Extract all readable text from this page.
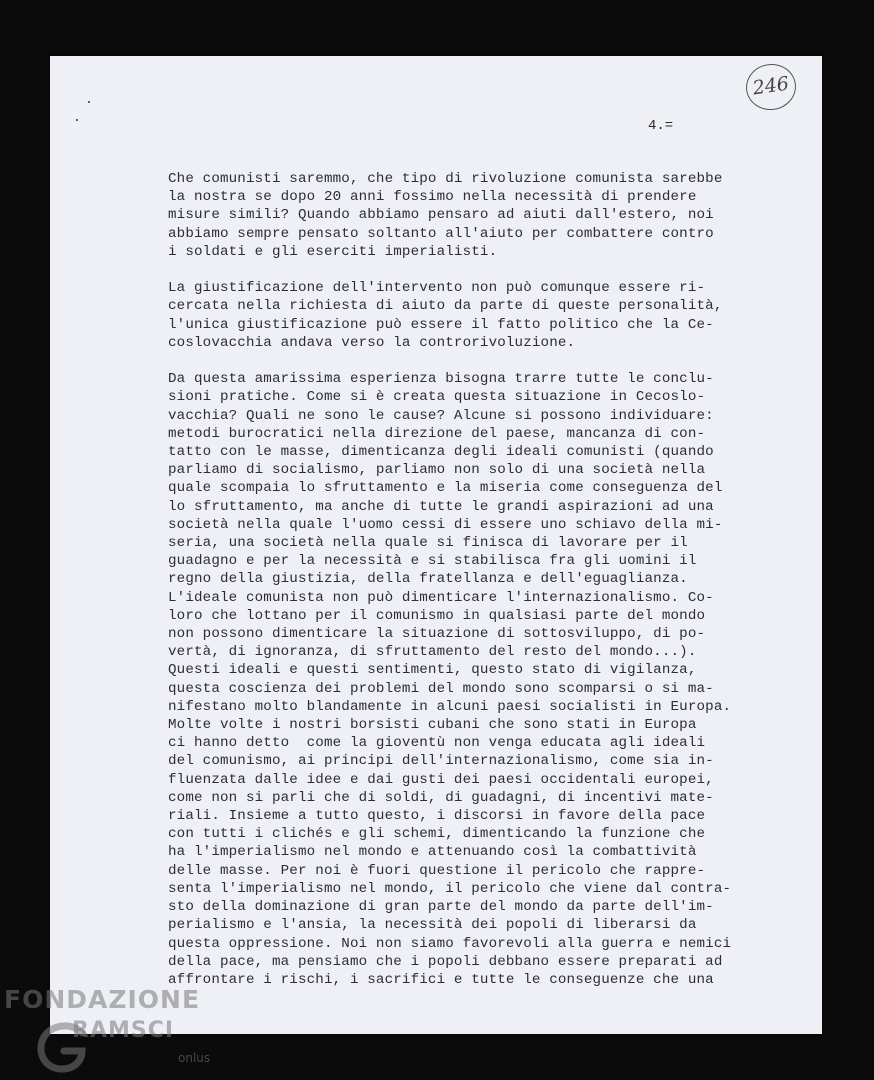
246
4.=
Che comunisti saremmo, che tipo di rivoluzione comunista sarebbe
la nostra se dopo 20 anni fossimo nella necessità di prendere
misure simili? Quando abbiamo pensaro ad aiuti dall'estero, noi
abbiamo sempre pensato soltanto all'aiuto per combattere contro
i soldati e gli eserciti imperialisti.
La giustificazione dell'intervento non può comunque essere ri-
cercata nella richiesta di aiuto da parte di queste personalità,
l'unica giustificazione può essere il fatto politico che la Ce-
coslovacchia andava verso la controrivoluzione.
Da questa amarissima esperienza bisogna trarre tutte le conclu-
sioni pratiche. Come si è creata questa situazione in Cecoslo-
vacchia? Quali ne sono le cause? Alcune si possono individuare:
metodi burocratici nella direzione del paese, mancanza di con-
tatto con le masse, dimenticanza degli ideali comunisti (quando
parliamo di socialismo, parliamo non solo di una società nella
quale scompaia lo sfruttamento e la miseria come conseguenza del
lo sfruttamento, ma anche di tutte le grandi aspirazioni ad una
società nella quale l'uomo cessi di essere uno schiavo della mi-
seria, una società nella quale si finisca di lavorare per il
guadagno e per la necessità e si stabilisca fra gli uomini il
regno della giustizia, della fratellanza e dell'eguaglianza.
L'ideale comunista non può dimenticare l'internazionalismo. Co-
loro che lottano per il comunismo in qualsiasi parte del mondo
non possono dimenticare la situazione di sottosviluppo, di po-
vertà, di ignoranza, di sfruttamento del resto del mondo...).
Questi ideali e questi sentimenti, questo stato di vigilanza,
questa coscienza dei problemi del mondo sono scomparsi o si ma-
nifestano molto blandamente in alcuni paesi socialisti in Europa.
Molte volte i nostri borsisti cubani che sono stati in Europa
ci hanno detto  come la gioventù non venga educata agli ideali
del comunismo, ai principi dell'internazionalismo, come sia in-
fluenzata dalle idee e dai gusti dei paesi occidentali europei,
come non si parli che di soldi, di guadagni, di incentivi mate-
riali. Insieme a tutto questo, i discorsi in favore della pace
con tutti i clichés e gli schemi, dimenticando la funzione che
ha l'imperialismo nel mondo e attenuando così la combattività
delle masse. Per noi è fuori questione il pericolo che rappre-
senta l'imperialismo nel mondo, il pericolo che viene dal contra-
sto della dominazione di gran parte del mondo da parte dell'im-
perialismo e l'ansia, la necessità dei popoli di liberarsi da
questa oppressione. Noi non siamo favorevoli alla guerra e nemici
della pace, ma pensiamo che i popoli debbano essere preparati ad
affrontare i rischi, i sacrifici e tutte le conseguenze che una
FONDAZIONE
RAMSCI
onlus
